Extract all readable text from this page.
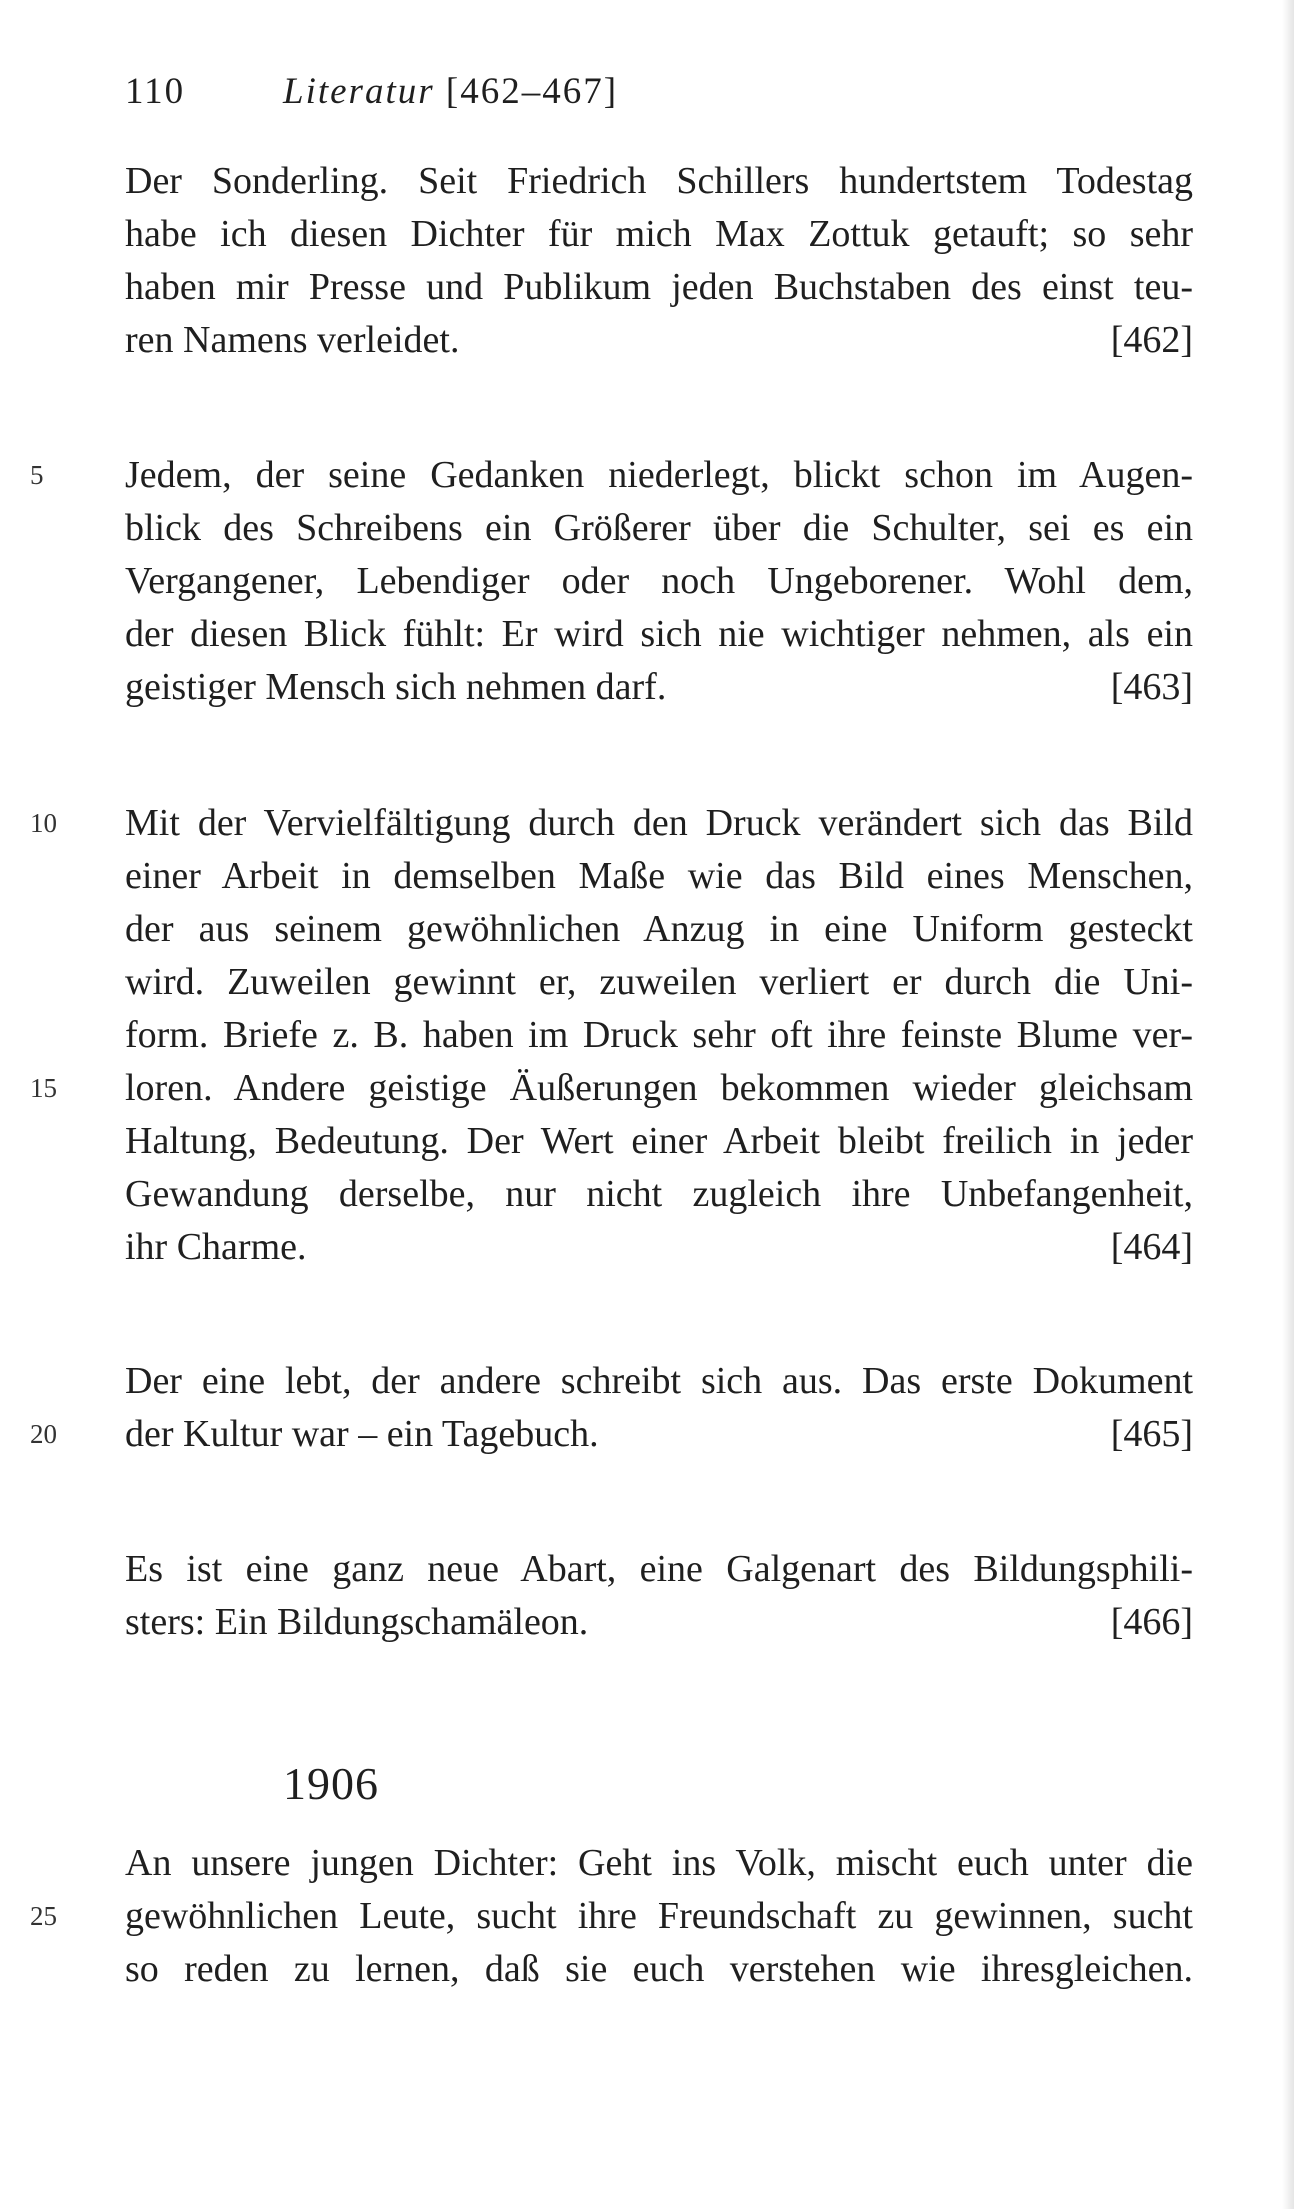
110	Literatur [462–467]
Der Sonderling. Seit Friedrich Schillers hundertstem Todestag
habe ich diesen Dichter für mich Max Zottuk getauft; so sehr
haben mir Presse und Publikum jeden Buchstaben des einst teu-
ren Namens verleidet.	[462]
5	Jedem, der seine Gedanken niederlegt, blickt schon im Augen-
blick des Schreibens ein Größerer über die Schulter, sei es ein
Vergangener, Lebendiger oder noch Ungeborener. Wohl dem,
der diesen Blick fühlt: Er wird sich nie wichtiger nehmen, als ein
geistiger Mensch sich nehmen darf.	[463]
10	Mit der Vervielfältigung durch den Druck verändert sich das Bild
einer Arbeit in demselben Maße wie das Bild eines Menschen,
der aus seinem gewöhnlichen Anzug in eine Uniform gesteckt
wird. Zuweilen gewinnt er, zuweilen verliert er durch die Uni-
form. Briefe z. B. haben im Druck sehr oft ihre feinste Blume ver-
15	loren. Andere geistige Äußerungen bekommen wieder gleichsam
Haltung, Bedeutung. Der Wert einer Arbeit bleibt freilich in jeder
Gewandung derselbe, nur nicht zugleich ihre Unbefangenheit,
ihr Charme.	[464]
Der eine lebt, der andere schreibt sich aus. Das erste Dokument
20	der Kultur war – ein Tagebuch.	[465]
Es ist eine ganz neue Abart, eine Galgenart des Bildungsphili-
sters: Ein Bildungschamäleon.	[466]
1906
An unsere jungen Dichter: Geht ins Volk, mischt euch unter die
25	gewöhnlichen Leute, sucht ihre Freundschaft zu gewinnen, sucht
so reden zu lernen, daß sie euch verstehen wie ihresgleichen.
